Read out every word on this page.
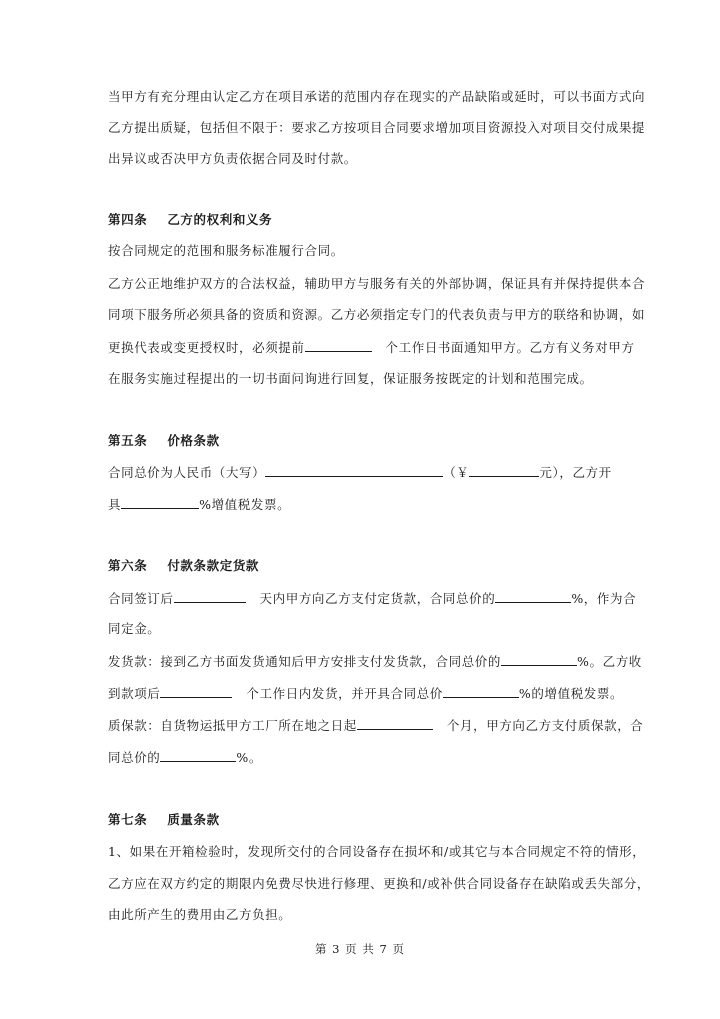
当甲方有充分理由认定乙方在项目承诺的范围内存在现实的产品缺陷或延时，可以书面方式向
乙方提出质疑，包括但不限于：要求乙方按项目合同要求增加项目资源投入对项目交付成果提
出异议或否决甲方负责依据合同及时付款。
第四条 乙方的权利和义务
按合同规定的范围和服务标准履行合同。
乙方公正地维护双方的合法权益，辅助甲方与服务有关的外部协调，保证具有并保持提供本合
同项下服务所必须具备的资质和资源。乙方必须指定专门的代表负责与甲方的联络和协调，如
更换代表或变更授权时，必须提前	个工作日书面通知甲方。乙方有义务对甲方
在服务实施过程提出的一切书面问询进行回复，保证服务按既定的计划和范围完成。
第五条 价格条款
合同总价为人民币（大写）	（￥	元），乙方开
具	%增值税发票。
第六条 付款条款定货款
合同签订后	天内甲方向乙方支付定货款，合同总价的	%，作为合
同定金。
发货款：接到乙方书面发货通知后甲方安排支付发货款，合同总价的	%。乙方收
到款项后	个工作日内发货，并开具合同总价	%的增值税发票。
质保款：自货物运抵甲方工厂所在地之日起	个月，甲方向乙方支付质保款，合
同总价的	%。
第七条 质量条款
1、如果在开箱检验时，发现所交付的合同设备存在损坏和/或其它与本合同规定不符的情形，
乙方应在双方约定的期限内免费尽快进行修理、更换和/或补供合同设备存在缺陷或丢失部分，
由此所产生的费用由乙方负担。
第 3 页 共 7 页
